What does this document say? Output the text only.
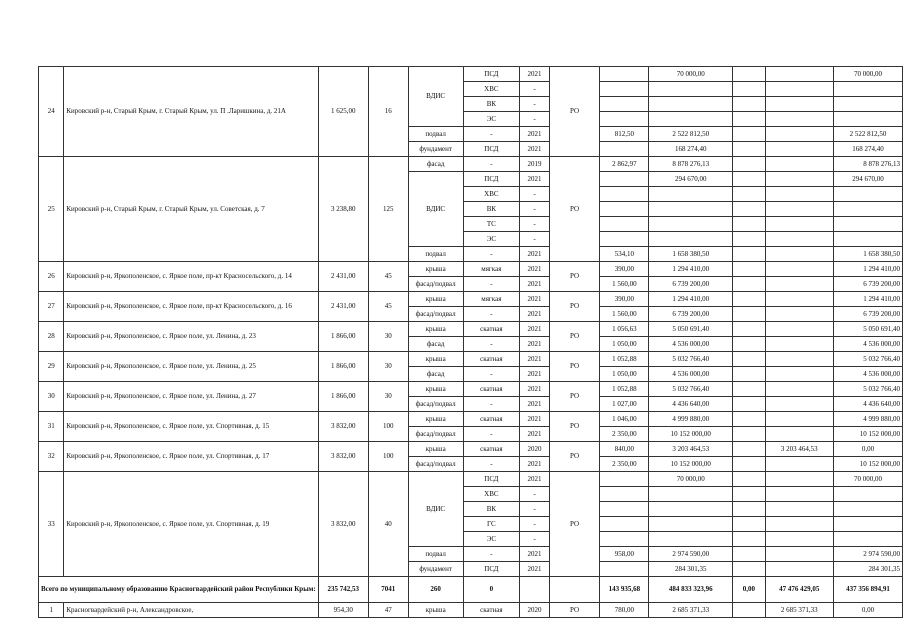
24	Кировский р-н, Старый Крым, г. Старый Крым, ул. П .Ларишкина, д. 21А	1 625,00	16	ВДИС	ПСД	2021	РО		70 000,00			70 000,00
					ХВС	-						
					ВК	-						
					ЭС	-						
				подвал	-	2021		812,50	2 522 812,50			2 522 812,50
				фундамент	ПСД	2021			168 274,40			168 274,40
25	Кировский р-н, Старый Крым, г. Старый Крым, ул. Советская, д. 7	3 238,80	125	фасад	-	2019	РО	2 862,97	8 878 276,13			8 878 276,13
				ВДИС	ПСД	2021			294 670,00			294 670,00
					ХВС	-						
					ВК	-						
					ТС	-						
					ЭС	-						
				подвал	-	2021		534,10	1 658 380,50			1 658 380,50
26	Кировский р-н, Яркополенское, с. Яркое поле, пр-кт Красносельского, д. 14	2 431,00	45	крыша	мягкая	2021	РО	390,00	1 294 410,00			1 294 410,00
				фасад/подвал	-	2021		1 560,00	6 739 200,00			6 739 200,00
27	Кировский р-н, Яркополенское, с. Яркое поле, пр-кт Красносельского, д. 16	2 431,00	45	крыша	мягкая	2021	РО	390,00	1 294 410,00			1 294 410,00
				фасад/подвал	-	2021		1 560,00	6 739 200,00			6 739 200,00
28	Кировский р-н, Яркополенское, с. Яркое поле, ул. Ленина, д. 23	1 866,00	30	крыша	скатная	2021	РО	1 056,63	5 050 691,40			5 050 691,40
				фасад	-	2021		1 050,00	4 536 000,00			4 536 000,00
29	Кировский р-н, Яркополенское, с. Яркое поле, ул. Ленина, д. 25	1 866,00	30	крыша	скатная	2021	РО	1 052,88	5 032 766,40			5 032 766,40
				фасад	-	2021		1 050,00	4 536 000,00			4 536 000,00
30	Кировский р-н, Яркополенское, с. Яркое поле, ул. Ленина, д. 27	1 866,00	30	крыша	скатная	2021	РО	1 052,88	5 032 766,40			5 032 766,40
				фасад/подвал	-	2021		1 027,00	4 436 640,00			4 436 640,00
31	Кировский р-н, Яркополенское, с. Яркое поле, ул. Спортивная, д. 15	3 832,00	100	крыша	скатная	2021	РО	1 046,00	4 999 880,00			4 999 880,00
				фасад/подвал	-	2021		2 350,00	10 152 000,00			10 152 000,00
32	Кировский р-н, Яркополенское, с. Яркое поле, ул. Спортивная, д. 17	3 832,00	100	крыша	скатная	2020	РО	840,00	3 203 464,53		3 203 464,53	0,00
				фасад/подвал	-	2021		2 350,00	10 152 000,00			10 152 000,00
33	Кировский р-н, Яркополенское, с. Яркое поле, ул. Спортивная, д. 19	3 832,00	40	ВДИС	ПСД	2021	РО		70 000,00			70 000,00
					ХВС	-						
					ВК	-						
					ГС	-						
					ЭС	-						
				подвал	-	2021		958,00	2 974 590,00			2 974 590,00
				фундамент	ПСД	2021			284 301,35			284 301,35
Всего по муниципальному образованию Красногвардейский район Республики Крым:		235 742,53	7041	260	0			143 935,68	484 833 323,96	0,00	47 476 429,05	437 356 894,91
1	Красногвардейский р-н, Александровское,	954,30	47	крыша	скатная	2020	РО	780,00	2 685 371,33		2 685 371,33	0,00
